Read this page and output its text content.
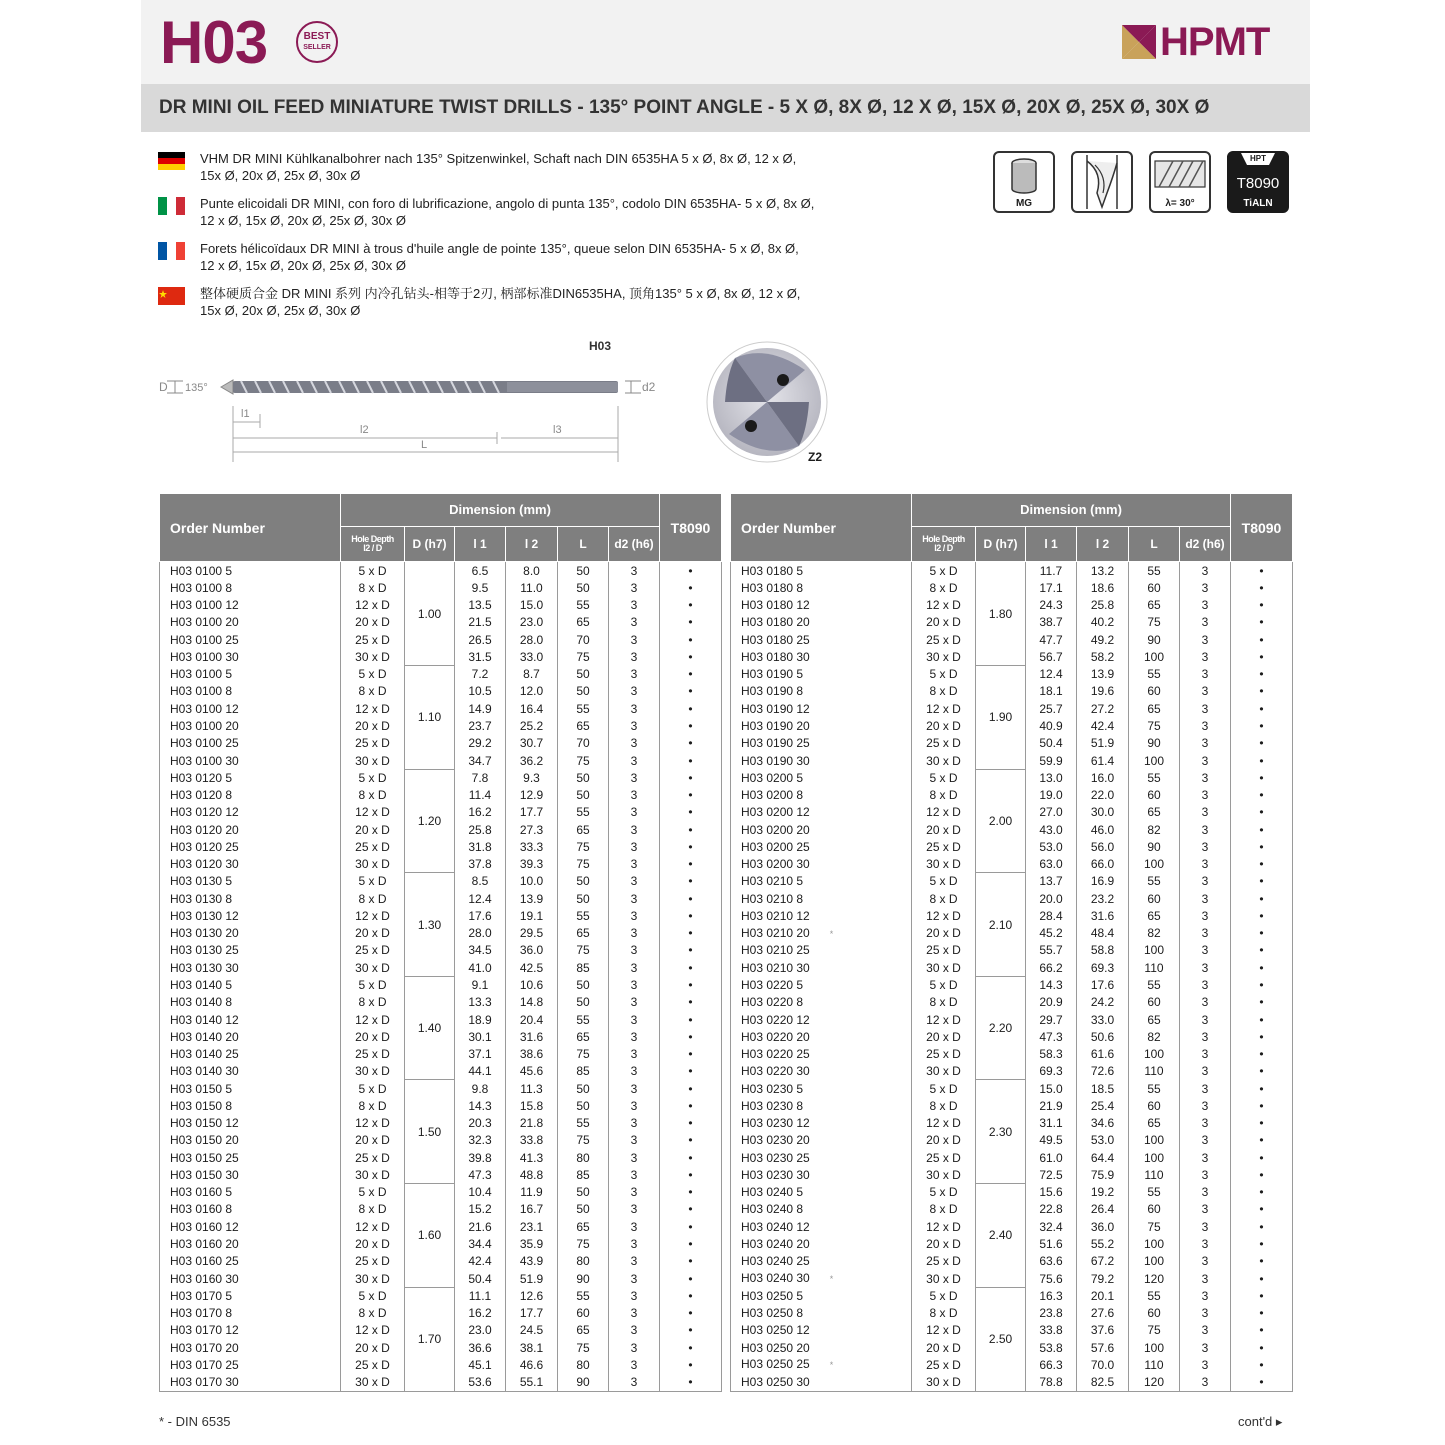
H03	BEST
SELLER	HPMT
DR MINI OIL FEED MINIATURE TWIST DRILLS - 135° POINT ANGLE - 5 X Ø, 8X Ø, 12 X Ø, 15X Ø, 20X Ø, 25X Ø, 30X Ø
VHM DR MINI Kühlkanalbohrer nach 135° Spitzenwinkel, Schaft nach DIN 6535HA 5 x Ø, 8x Ø, 12 x Ø, 15x Ø, 20x Ø, 25x Ø, 30x Ø
Punte elicoidali DR MINI, con foro di lubrificazione, angolo di punta 135°, codolo DIN 6535HA- 5 x Ø, 8x Ø, 12 x Ø, 15x Ø, 20x Ø, 25x Ø, 30x Ø
Forets hélicoïdaux DR MINI à trous d'huile angle de pointe 135°, queue selon DIN 6535HA- 5 x Ø, 8x Ø, 12 x Ø, 15x Ø, 20x Ø, 25x Ø, 30x Ø
整体硬质合金 DR MINI 系列 内冷孔钻头-相等于2刃, 柄部标准DIN6535HA, 顶角135° 5 x Ø, 8x Ø, 12 x Ø, 15x Ø, 20x Ø, 25x Ø, 30x Ø
MG	λ= 30°
HPT
T8090
TiALN
H03
D 135°	d2
l1
l2	l3
L
Z2
Order Number	Dimension (mm)						T8090
	Hole Depth
l2 / D	D (h7)	l 1	l 2	L	d2 (h6)	
H03 0100 5	5 x D	1.00	6.5	8.0	50	3	•
H03 0100 8	8 x D		9.5	11.0	50	3	•
H03 0100 12	12 x D		13.5	15.0	55	3	•
H03 0100 20	20 x D		21.5	23.0	65	3	•
H03 0100 25	25 x D		26.5	28.0	70	3	•
H03 0100 30	30 x D		31.5	33.0	75	3	•
H03 0100 5	5 x D	1.10	7.2	8.7	50	3	•
H03 0100 8	8 x D		10.5	12.0	50	3	•
H03 0100 12	12 x D		14.9	16.4	55	3	•
H03 0100 20	20 x D		23.7	25.2	65	3	•
H03 0100 25	25 x D		29.2	30.7	70	3	•
H03 0100 30	30 x D		34.7	36.2	75	3	•
H03 0120 5	5 x D	1.20	7.8	9.3	50	3	•
H03 0120 8	8 x D		11.4	12.9	50	3	•
H03 0120 12	12 x D		16.2	17.7	55	3	•
H03 0120 20	20 x D		25.8	27.3	65	3	•
H03 0120 25	25 x D		31.8	33.3	75	3	•
H03 0120 30	30 x D		37.8	39.3	75	3	•
H03 0130 5	5 x D	1.30	8.5	10.0	50	3	•
H03 0130 8	8 x D		12.4	13.9	50	3	•
H03 0130 12	12 x D		17.6	19.1	55	3	•
H03 0130 20	20 x D		28.0	29.5	65	3	•
H03 0130 25	25 x D		34.5	36.0	75	3	•
H03 0130 30	30 x D		41.0	42.5	85	3	•
H03 0140 5	5 x D	1.40	9.1	10.6	50	3	•
H03 0140 8	8 x D		13.3	14.8	50	3	•
H03 0140 12	12 x D		18.9	20.4	55	3	•
H03 0140 20	20 x D		30.1	31.6	65	3	•
H03 0140 25	25 x D		37.1	38.6	75	3	•
H03 0140 30	30 x D		44.1	45.6	85	3	•
H03 0150 5	5 x D	1.50	9.8	11.3	50	3	•
H03 0150 8	8 x D		14.3	15.8	50	3	•
H03 0150 12	12 x D		20.3	21.8	55	3	•
H03 0150 20	20 x D		32.3	33.8	75	3	•
H03 0150 25	25 x D		39.8	41.3	80	3	•
H03 0150 30	30 x D		47.3	48.8	85	3	•
H03 0160 5	5 x D	1.60	10.4	11.9	50	3	•
H03 0160 8	8 x D		15.2	16.7	50	3	•
H03 0160 12	12 x D		21.6	23.1	65	3	•
H03 0160 20	20 x D		34.4	35.9	75	3	•
H03 0160 25	25 x D		42.4	43.9	80	3	•
H03 0160 30	30 x D		50.4	51.9	90	3	•
H03 0170 5	5 x D	1.70	11.1	12.6	55	3	•
H03 0170 8	8 x D		16.2	17.7	60	3	•
H03 0170 12	12 x D		23.0	24.5	65	3	•
H03 0170 20	20 x D		36.6	38.1	75	3	•
H03 0170 25	25 x D		45.1	46.6	80	3	•
H03 0170 30	30 x D		53.6	55.1	90	3	•
Order Number	Dimension (mm)						T8090
	Hole Depth
l2 / D	D (h7)	l 1	l 2	L	d2 (h6)	
H03 0180 5	5 x D	1.80	11.7	13.2	55	3	•
H03 0180 8	8 x D		17.1	18.6	60	3	•
H03 0180 12	12 x D		24.3	25.8	65	3	•
H03 0180 20	20 x D		38.7	40.2	75	3	•
H03 0180 25	25 x D		47.7	49.2	90	3	•
H03 0180 30	30 x D		56.7	58.2	100	3	•
H03 0190 5	5 x D	1.90	12.4	13.9	55	3	•
H03 0190 8	8 x D		18.1	19.6	60	3	•
H03 0190 12	12 x D		25.7	27.2	65	3	•
H03 0190 20	20 x D		40.9	42.4	75	3	•
H03 0190 25	25 x D		50.4	51.9	90	3	•
H03 0190 30	30 x D		59.9	61.4	100	3	•
H03 0200 5	5 x D	2.00	13.0	16.0	55	3	•
H03 0200 8	8 x D		19.0	22.0	60	3	•
H03 0200 12	12 x D		27.0	30.0	65	3	•
H03 0200 20	20 x D		43.0	46.0	82	3	•
H03 0200 25	25 x D		53.0	56.0	90	3	•
H03 0200 30	30 x D		63.0	66.0	100	3	•
H03 0210 5	5 x D	2.10	13.7	16.9	55	3	•
H03 0210 8	8 x D		20.0	23.2	60	3	•
H03 0210 12	12 x D		28.4	31.6	65	3	•
H03 0210 20 *	20 x D		45.2	48.4	82	3	•
H03 0210 25	25 x D		55.7	58.8	100	3	•
H03 0210 30	30 x D		66.2	69.3	110	3	•
H03 0220 5	5 x D	2.20	14.3	17.6	55	3	•
H03 0220 8	8 x D		20.9	24.2	60	3	•
H03 0220 12	12 x D		29.7	33.0	65	3	•
H03 0220 20	20 x D		47.3	50.6	82	3	•
H03 0220 25	25 x D		58.3	61.6	100	3	•
H03 0220 30	30 x D		69.3	72.6	110	3	•
H03 0230 5	5 x D	2.30	15.0	18.5	55	3	•
H03 0230 8	8 x D		21.9	25.4	60	3	•
H03 0230 12	12 x D		31.1	34.6	65	3	•
H03 0230 20	20 x D		49.5	53.0	100	3	•
H03 0230 25	25 x D		61.0	64.4	100	3	•
H03 0230 30	30 x D		72.5	75.9	110	3	•
H03 0240 5	5 x D	2.40	15.6	19.2	55	3	•
H03 0240 8	8 x D		22.8	26.4	60	3	•
H03 0240 12	12 x D		32.4	36.0	75	3	•
H03 0240 20	20 x D		51.6	55.2	100	3	•
H03 0240 25	25 x D		63.6	67.2	100	3	•
H03 0240 30 *	30 x D		75.6	79.2	120	3	•
H03 0250 5	5 x D	2.50	16.3	20.1	55	3	•
H03 0250 8	8 x D		23.8	27.6	60	3	•
H03 0250 12	12 x D		33.8	37.6	75	3	•
H03 0250 20	20 x D		53.8	57.6	100	3	•
H03 0250 25 *	25 x D		66.3	70.0	110	3	•
H03 0250 30	30 x D		78.8	82.5	120	3	•
* - DIN 6535	cont'd ▸
